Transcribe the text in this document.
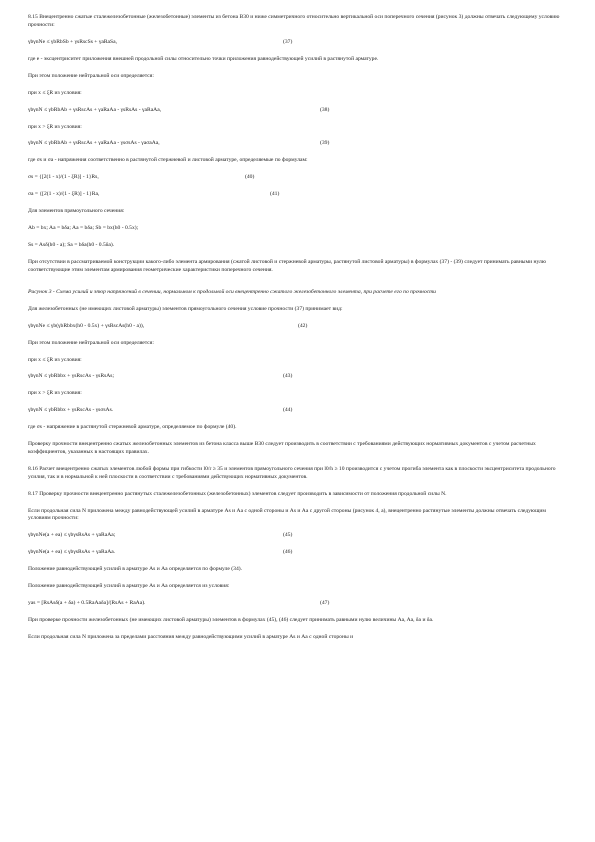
8.15 Внецентренно сжатые сталежелезобетонные (железобетонные) элементы из бетона В30 и ниже симметричного относительно вертикальной оси поперечного сечения (рисунок 3) должны отвечать следующему условию прочности:

γbγnNe ≤ γbRbSb + γsRscSs + γaRaSa,	(37)

где e - эксцентриситет приложения внешней продольной силы относительно точки приложения равнодействующей усилий в растянутой арматуре.

При этом положение нейтральной оси определяется:

при x ≤ ξR из условия:

γbγnN ≤ γbRbAb + γsRscAs + γaRaAa - γsRsAs - γaRaAa,	(38)

при x > ξR из условия:

γbγnN ≤ γbRbAb + γsRscAs + γaRaAa - γsσsAs - γaσaAa,	(39)

где σs и σa - напряжения соответственно в растянутой стержневой и листовой арматуре, определяемые по формулам:

σs = {[2(1 - x)/(1 - ξR)] - 1}Rs,	(40)
σa = {[2(1 - x)/(1 - ξR)] - 1}Ra,	(41)

Для элементов прямоугольного сечения:

Ab = bx; Aa = bδa; Aa = bδa; Sb = bx(h0 - 0.5x);

Ss = Asδ(h0 - a); Sa = bδa(h0 - 0.5δa).

При отсутствии в рассматриваемой конструкции какого-либо элемента армирования (сжатой листовой и стержневой арматуры, растянутой листовой арматуры) в формулах (37) - (39) следует принимать равными нулю соответствующие этим элементам армирования геометрические характеристики поперечного сечения.

Рисунок 3 - Схема усилий и эпюр напряжений в сечении, нормальном к продольной оси внецентренно сжатого железобетонного элемента, при расчете его по прочности

Для железобетонных (не имеющих листовой арматуры) элементов прямоугольного сечения условие прочности (37) принимает вид:

γbγnNe ≤ γb(γbRbbx(h0 - 0.5x) + γsRscAs(h0 - a)),	(42)

При этом положение нейтральной оси определяется:

при x ≤ ξR из условия:

γbγnN ≤ γbRbbx + γsRscAs - γsRsAs;	(43)

при x > ξR из условия:

γbγnN ≤ γbRbbx + γsRscAs - γsσsAs.	(44)

где σs - напряжение в растянутой стержневой арматуре, определяемое по формуле (40).

Проверку прочности внецентренно сжатых железобетонных элементов из бетона класса выше В30 следует производить в соответствии с требованиями действующих нормативных документов с учетом расчетных коэффициентов, указанных в настоящих правилах.

8.16 Расчет внецентренно сжатых элементов любой формы при гибкости l0/r ≥ 35 и элементов прямоугольного сечения при l0/h ≥ 10 производится с учетом прогиба элемента как в плоскости эксцентриситета продольного усилия, так и в нормальной к ней плоскости в соответствии с требованиями действующих нормативных документов.

8.17 Проверку прочности внецентренно растянутых сталежелезобетонных (железобетонных) элементов следует производить в зависимости от положения продольной силы N.

Если продольная сила N приложена между равнодействующей усилий в арматуре As и Aa с одной стороны и As и Aa с другой стороны (рисунок 4, а), внецентренно растянутые элементы должны отвечать следующим условиям прочности:

γbγnNe(a + ea) ≤ γbγsRsAs + γaRaAa;	(45)
γbγnNe(a + ea) ≤ γbγsRsAs + γaRaAa.	(46)

Положение равнодействующей усилий в арматуре As и Aa определяется по формуле (34).

Положение равнодействующей усилий в арматуре As и Aa определяется из условия:

yas = [RsAsδ(a + δa) + 0.5RaAaδa]/(RsAs + RaAa).	(47)

При проверке прочности железобетонных (не имеющих листовой арматуры) элементов в формулах (45), (46) следует принимать равными нулю величины Aa, Aa, δa и δa.

Если продольная сила N приложена за пределами расстояния между равнодействующими усилий в арматуре As и Aa с одной стороны и
